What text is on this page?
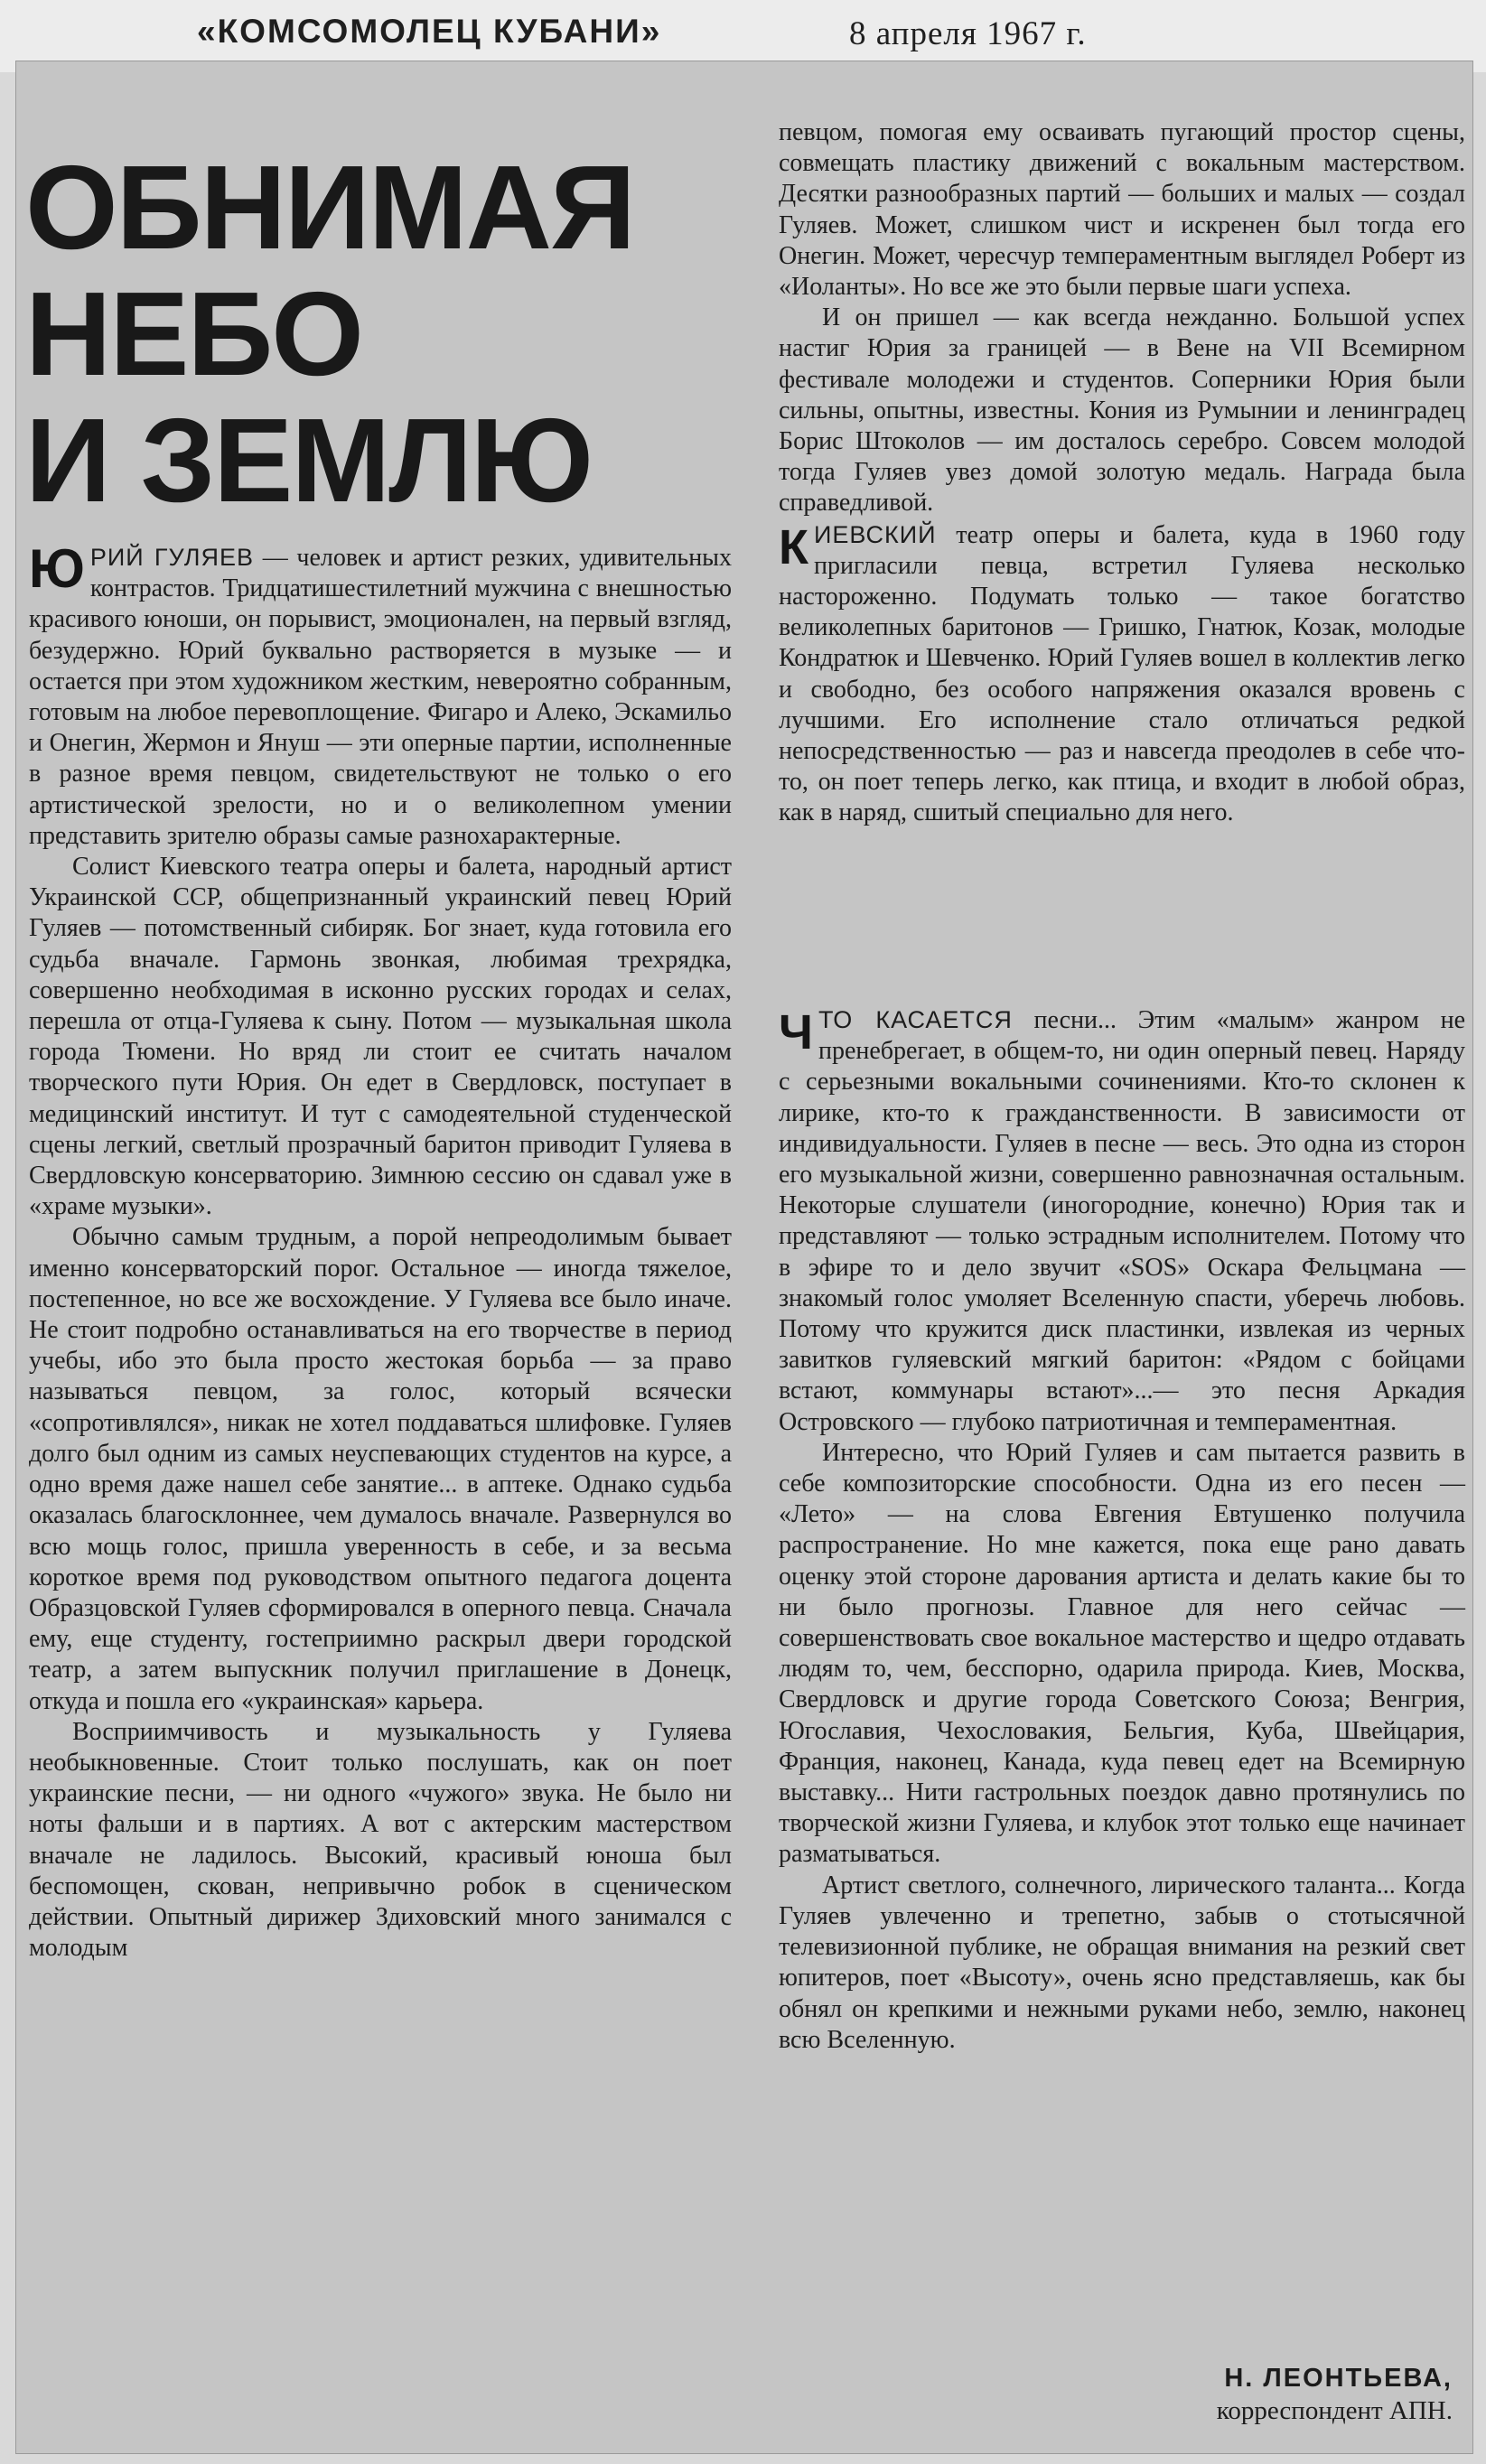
«КОМСОМОЛЕЦ КУБАНИ»	8 апреля 1967 г.
ОБНИМАЯ
НЕБО
И ЗЕМЛЮ

ЮРИЙ ГУЛЯЕВ — человек и артист резких, удивительных контрастов. Тридцатишестилетний мужчина с внешностью красивого юноши, он порывист, эмоционален, на первый взгляд, безудержно. Юрий буквально растворяется в музыке — и остается при этом художником жестким, невероятно собранным, готовым на любое перевоплощение. Фигаро и Алеко, Эскамильо и Онегин, Жермон и Януш — эти оперные партии, исполненные в разное время певцом, свидетельствуют не только о его артистической зрелости, но и о великолепном умении представить зрителю образы самые разнохарактерные.

Солист Киевского театра оперы и балета, народный артист Украинской ССР, общепризнанный украинский певец Юрий Гуляев — потомственный сибиряк. Бог знает, куда готовила его судьба вначале. Гармонь звонкая, любимая трехрядка, совершенно необходимая в исконно русских городах и селах, перешла от отца-Гуляева к сыну. Потом — музыкальная школа города Тюмени. Но вряд ли стоит ее считать началом творческого пути Юрия. Он едет в Свердловск, поступает в медицинский институт. И тут с самодеятельной студенческой сцены легкий, светлый прозрачный баритон приводит Гуляева в Свердловскую консерваторию. Зимнюю сессию он сдавал уже в «храме музыки».

Обычно самым трудным, а порой непреодолимым бывает именно консерваторский порог. Остальное — иногда тяжелое, постепенное, но все же восхождение. У Гуляева все было иначе. Не стоит подробно останавливаться на его творчестве в период учебы, ибо это была просто жестокая борьба — за право называться певцом, за голос, который всячески «сопротивлялся», никак не хотел поддаваться шлифовке. Гуляев долго был одним из самых неуспевающих студентов на курсе, а одно время даже нашел себе занятие... в аптеке. Однако судьба оказалась благосклоннее, чем думалось вначале. Развернулся во всю мощь голос, пришла уверенность в себе, и за весьма короткое время под руководством опытного педагога доцента Образцовской Гуляев сформировался в оперного певца. Сначала ему, еще студенту, гостеприимно раскрыл двери городской театр, а затем выпускник получил приглашение в Донецк, откуда и пошла его «украинская» карьера.

Восприимчивость и музыкальность у Гуляева необыкновенные. Стоит только послушать, как он поет украинские песни, — ни одного «чужого» звука. Не было ни ноты фальши и в партиях. А вот с актерским мастерством вначале не ладилось. Высокий, красивый юноша был беспомощен, скован, непривычно робок в сценическом действии. Опытный дирижер Здиховский много занимался с молодым

певцом, помогая ему осваивать пугающий простор сцены, совмещать пластику движений с вокальным мастерством. Десятки разнообразных партий — больших и малых — создал Гуляев. Может, слишком чист и искренен был тогда его Онегин. Может, чересчур темпераментным выглядел Роберт из «Иоланты». Но все же это были первые шаги успеха.

И он пришел — как всегда нежданно. Большой успех настиг Юрия за границей — в Вене на VII Всемирном фестивале молодежи и студентов. Соперники Юрия были сильны, опытны, известны. Кония из Румынии и ленинградец Борис Штоколов — им досталось серебро. Совсем молодой тогда Гуляев увез домой золотую медаль. Награда была справедливой.

КИЕВСКИЙ театр оперы и балета, куда в 1960 году пригласили певца, встретил Гуляева несколько настороженно. Подумать только — такое богатство великолепных баритонов — Гришко, Гнатюк, Козак, молодые Кондратюк и Шевченко. Юрий Гуляев вошел в коллектив легко и свободно, без особого напряжения оказался вровень с лучшими. Его исполнение стало отличаться редкой непосредственностью — раз и навсегда преодолев в себе что-то, он поет теперь легко, как птица, и входит в любой образ, как в наряд, сшитый специально для него.

ЧТО КАСАЕТСЯ песни... Этим «малым» жанром не пренебрегает, в общем-то, ни один оперный певец. Наряду с серьезными вокальными сочинениями. Кто-то склонен к лирике, кто-то к гражданственности. В зависимости от индивидуальности. Гуляев в песне — весь. Это одна из сторон его музыкальной жизни, совершенно равнозначная остальным. Некоторые слушатели (иногородние, конечно) Юрия так и представляют — только эстрадным исполнителем. Потому что в эфире то и дело звучит «SOS» Оскара Фельцмана — знакомый голос умоляет Вселенную спасти, уберечь любовь. Потому что кружится диск пластинки, извлекая из черных завитков гуляевский мягкий баритон: «Рядом с бойцами встают, коммунары встают»...— это песня Аркадия Островского — глубоко патриотичная и темпераментная.

Интересно, что Юрий Гуляев и сам пытается развить в себе композиторские способности. Одна из его песен — «Лето» — на слова Евгения Евтушенко получила распространение. Но мне кажется, пока еще рано давать оценку этой стороне дарования артиста и делать какие бы то ни было прогнозы. Главное для него сейчас — совершенствовать свое вокальное мастерство и щедро отдавать людям то, чем, бесспорно, одарила природа. Киев, Москва, Свердловск и другие города Советского Союза; Венгрия, Югославия, Чехословакия, Бельгия, Куба, Швейцария, Франция, наконец, Канада, куда певец едет на Всемирную выставку... Нити гастрольных поездок давно протянулись по творческой жизни Гуляева, и клубок этот только еще начинает разматываться.

Артист светлого, солнечного, лирического таланта... Когда Гуляев увлеченно и трепетно, забыв о стотысячной телевизионной публике, не обращая внимания на резкий свет юпитеров, поет «Высоту», очень ясно представляешь, как бы обнял он крепкими и нежными руками небо, землю, наконец всю Вселенную.

Н. ЛЕОНТЬЕВА,
корреспондент АПН.
